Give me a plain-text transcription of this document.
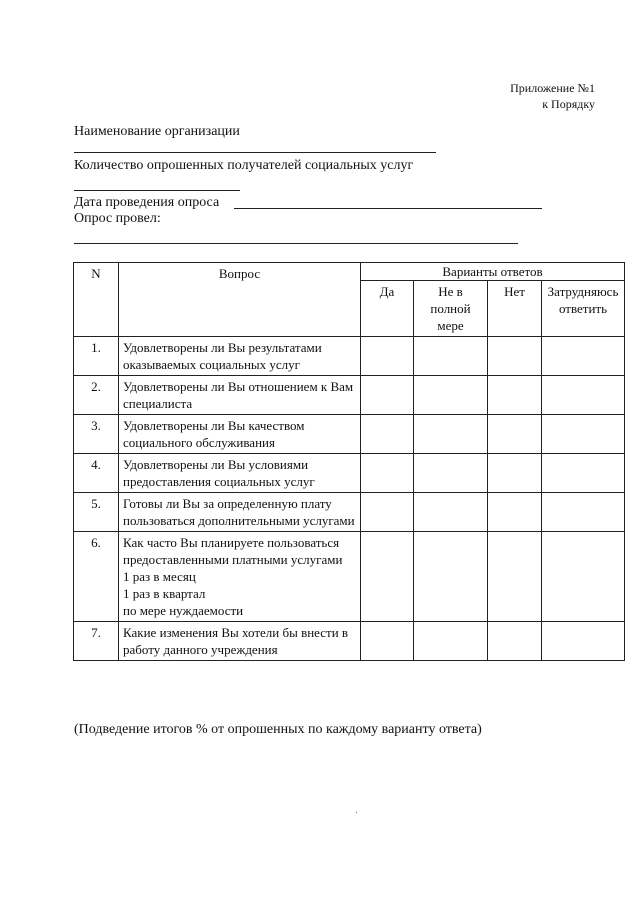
Приложение №1
к Порядку
Наименование организации
Количество опрошенных получателей социальных услуг
Дата проведения опроса
Опрос провел:
N	Вопрос	Варианты ответов			
		Да	Не в полной мере	Нет	Затрудняюсь ответить
1.	Удовлетворены ли Вы результатами оказываемых социальных услуг				

2.	Удовлетворены ли Вы отношением к Вам специалиста				

3.	Удовлетворены ли Вы качеством социального обслуживания				

4.	Удовлетворены ли Вы условиями предоставления социальных услуг				

5.	Готовы ли Вы за определенную плату пользоваться дополнительными услугами				

6.	Как часто Вы планируете пользоваться предоставленными платными услугами
1 раз в месяц
1 раз в квартал
по мере нуждаемости				

7.	Какие изменения Вы хотели бы внести в работу данного учреждения				

(Подведение итогов % от опрошенных по каждому варианту ответа)
